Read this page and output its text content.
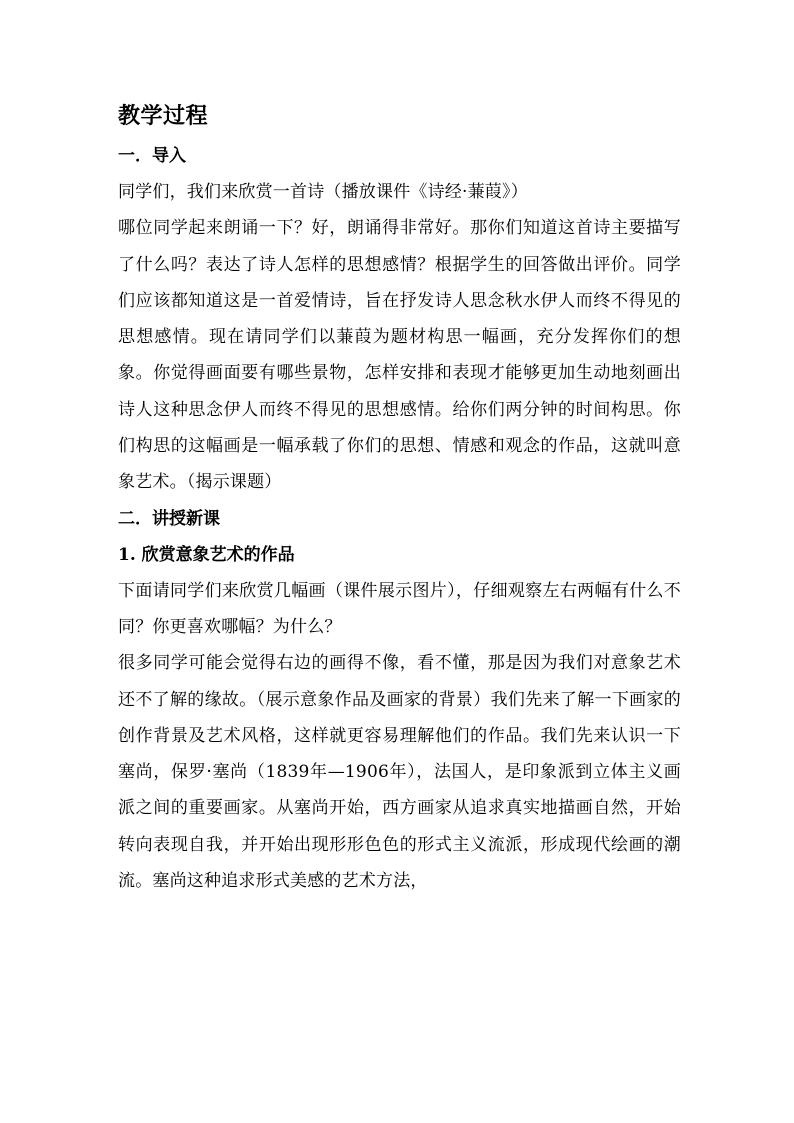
教学过程
一．导入

同学们，我们来欣赏一首诗（播放课件《诗经·蒹葭》）

哪位同学起来朗诵一下？好，朗诵得非常好。那你们知道这首诗主要描写了什么吗？表达了诗人怎样的思想感情？根据学生的回答做出评价。同学们应该都知道这是一首爱情诗，旨在抒发诗人思念秋水伊人而终不得见的思想感情。现在请同学们以蒹葭为题材构思一幅画，充分发挥你们的想象。你觉得画面要有哪些景物，怎样安排和表现才能够更加生动地刻画出诗人这种思念伊人而终不得见的思想感情。给你们两分钟的时间构思。你们构思的这幅画是一幅承载了你们的思想、情感和观念的作品，这就叫意象艺术。（揭示课题）

二．讲授新课
1. 欣赏意象艺术的作品

下面请同学们来欣赏几幅画（课件展示图片），仔细观察左右两幅有什么不同？你更喜欢哪幅？为什么？

很多同学可能会觉得右边的画得不像，看不懂，那是因为我们对意象艺术还不了解的缘故。（展示意象作品及画家的背景）我们先来了解一下画家的创作背景及艺术风格，这样就更容易理解他们的作品。我们先来认识一下塞尚，保罗·塞尚（1839年—1906年），法国人，是印象派到立体主义画派之间的重要画家。从塞尚开始，西方画家从追求真实地描画自然，开始转向表现自我，并开始出现形形色色的形式主义流派，形成现代绘画的潮流。塞尚这种追求形式美感的艺术方法，
